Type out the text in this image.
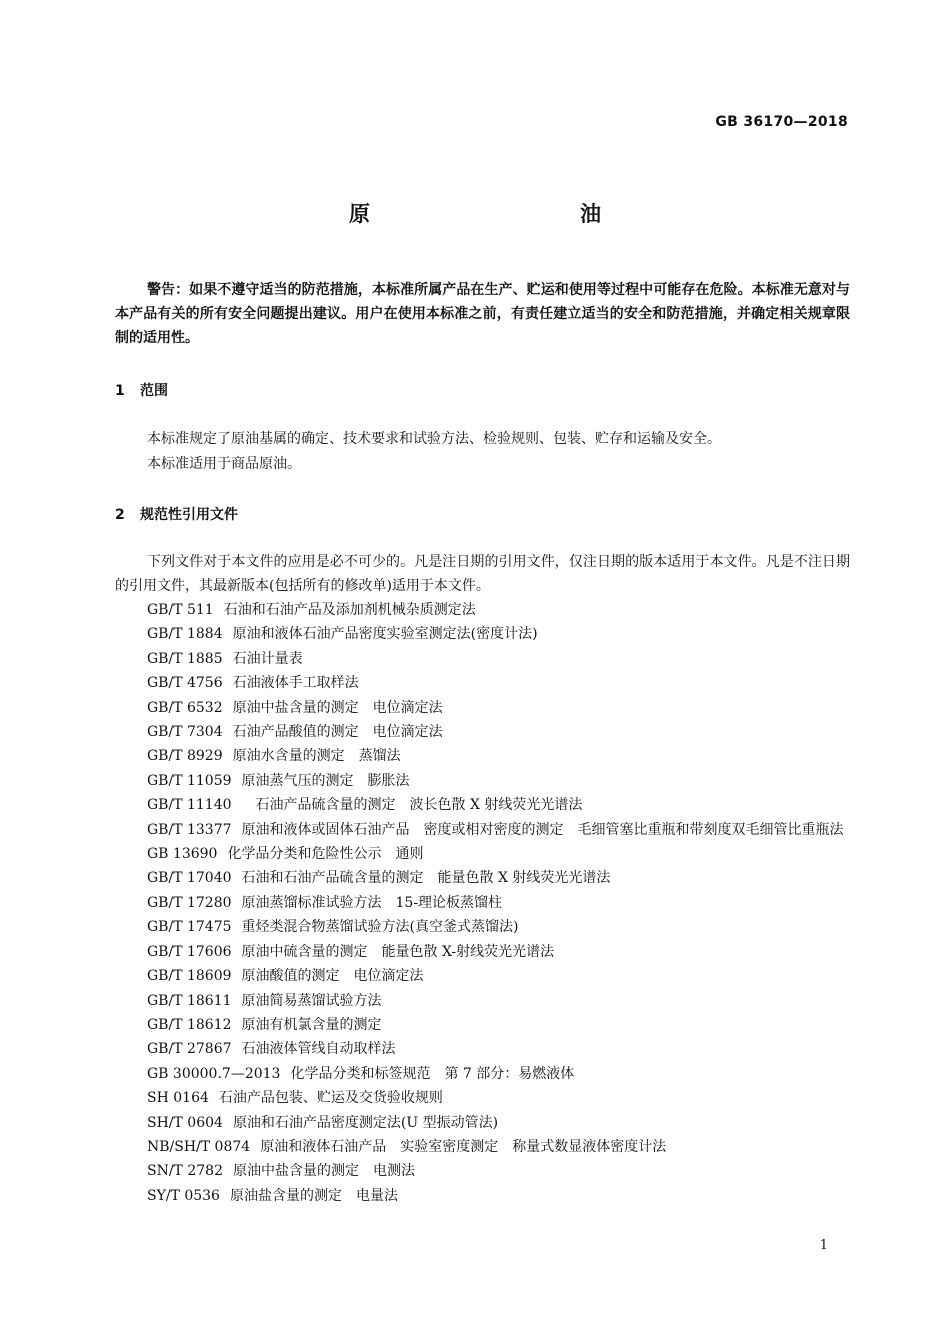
GB 36170—2018
原　　油

警告：如果不遵守适当的防范措施，本标准所属产品在生产、贮运和使用等过程中可能存在危险。本标准无意对与本产品有关的所有安全问题提出建议。用户在使用本标准之前，有责任建立适当的安全和防范措施，并确定相关规章限制的适用性。

1 范围

本标准规定了原油基属的确定、技术要求和试验方法、检验规则、包装、贮存和运输及安全。

本标准适用于商品原油。

2 规范性引用文件

下列文件对于本文件的应用是必不可少的。凡是注日期的引用文件，仅注日期的版本适用于本文件。凡是不注日期的引用文件，其最新版本(包括所有的修改单)适用于本文件。

GB/T 511 石油和石油产品及添加剂机械杂质测定法
GB/T 1884 原油和液体石油产品密度实验室测定法(密度计法)
GB/T 1885 石油计量表
GB/T 4756 石油液体手工取样法
GB/T 6532 原油中盐含量的测定　电位滴定法
GB/T 7304 石油产品酸值的测定　电位滴定法
GB/T 8929 原油水含量的测定　蒸馏法
GB/T 11059 原油蒸气压的测定　膨胀法
GB/T 11140　石油产品硫含量的测定　波长色散 X 射线荧光光谱法
GB/T 13377 原油和液体或固体石油产品　密度或相对密度的测定　毛细管塞比重瓶和带刻度双毛细管比重瓶法
GB 13690 化学品分类和危险性公示　通则
GB/T 17040 石油和石油产品硫含量的测定　能量色散 X 射线荧光光谱法
GB/T 17280 原油蒸馏标准试验方法　15-理论板蒸馏柱
GB/T 17475 重烃类混合物蒸馏试验方法(真空釜式蒸馏法)
GB/T 17606 原油中硫含量的测定　能量色散 X-射线荧光光谱法
GB/T 18609 原油酸值的测定　电位滴定法
GB/T 18611 原油简易蒸馏试验方法
GB/T 18612 原油有机氯含量的测定
GB/T 27867 石油液体管线自动取样法
GB 30000.7—2013 化学品分类和标签规范　第 7 部分：易燃液体
SH 0164 石油产品包装、贮运及交货验收规则
SH/T 0604 原油和石油产品密度测定法(U 型振动管法)
NB/SH/T 0874 原油和液体石油产品　实验室密度测定　称量式数显液体密度计法
SN/T 2782 原油中盐含量的测定　电测法
SY/T 0536 原油盐含量的测定　电量法
1
